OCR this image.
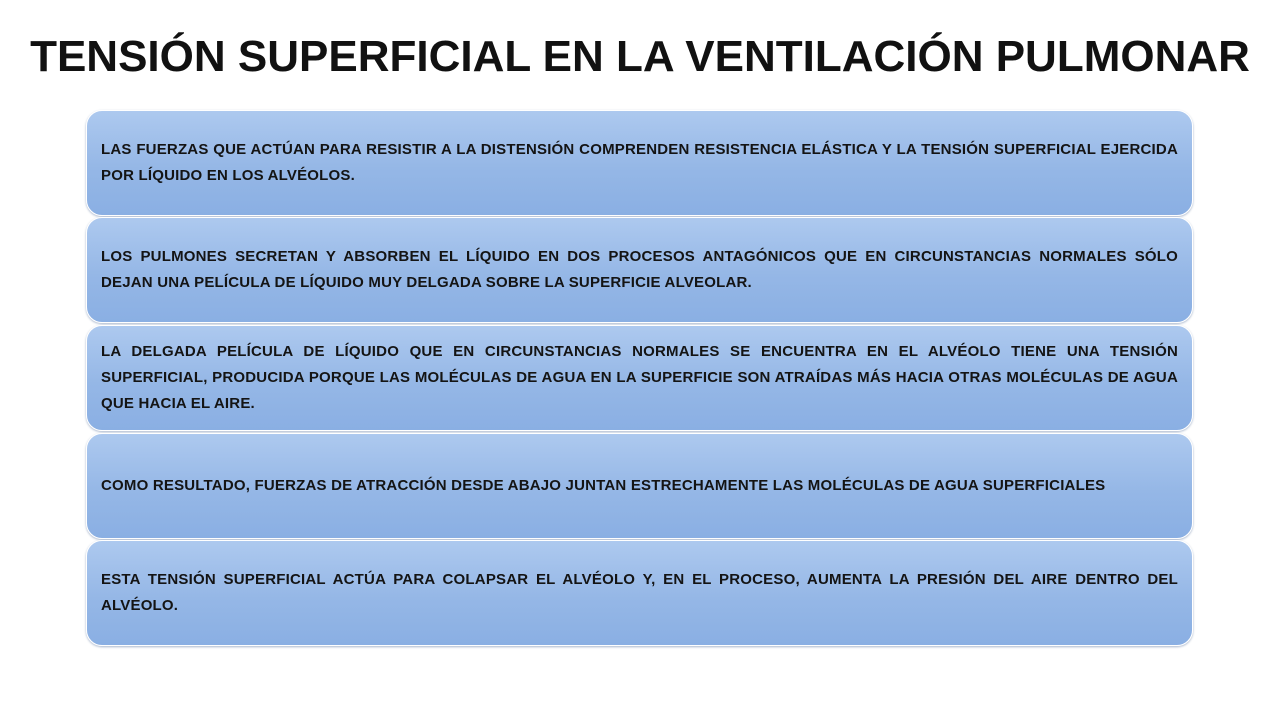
TENSIÓN SUPERFICIAL EN LA VENTILACIÓN PULMONAR

LAS FUERZAS QUE ACTÚAN PARA RESISTIR A LA DISTENSIÓN COMPRENDEN RESISTENCIA ELÁSTICA Y LA TENSIÓN SUPERFICIAL EJERCIDA POR LÍQUIDO EN LOS ALVÉOLOS.

LOS PULMONES SECRETAN Y ABSORBEN EL LÍQUIDO EN DOS PROCESOS ANTAGÓNICOS QUE EN CIRCUNSTANCIAS NORMALES SÓLO DEJAN UNA PELÍCULA DE LÍQUIDO MUY DELGADA SOBRE LA SUPERFICIE ALVEOLAR.

LA DELGADA PELÍCULA DE LÍQUIDO QUE EN CIRCUNSTANCIAS NORMALES SE ENCUENTRA EN EL ALVÉOLO TIENE UNA TENSIÓN SUPERFICIAL, PRODUCIDA PORQUE LAS MOLÉCULAS DE AGUA EN LA SUPERFICIE SON ATRAÍDAS MÁS HACIA OTRAS MOLÉCULAS DE AGUA QUE HACIA EL AIRE.

COMO RESULTADO, FUERZAS DE ATRACCIÓN DESDE ABAJO JUNTAN ESTRECHAMENTE LAS MOLÉCULAS DE AGUA SUPERFICIALES

ESTA TENSIÓN SUPERFICIAL ACTÚA PARA COLAPSAR EL ALVÉOLO Y, EN EL PROCESO, AUMENTA LA PRESIÓN DEL AIRE DENTRO DEL ALVÉOLO.
